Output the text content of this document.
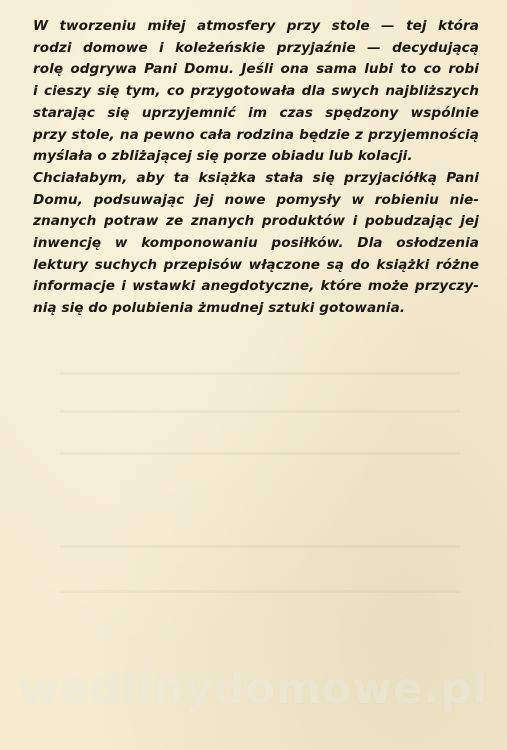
W tworzeniu miłej atmosfery przy stole — tej która
rodzi domowe i koleżeńskie przyjaźnie — decydującą
rolę odgrywa Pani Domu. Jeśli ona sama lubi to co robi
i cieszy się tym, co przygotowała dla swych najbliższych
starając się uprzyjemnić im czas spędzony wspólnie
przy stole, na pewno cała rodzina będzie z przyjemnością
myślała o zbliżającej się porze obiadu lub kolacji.
Chciałabym, aby ta książka stała się przyjaciółką Pani
Domu, podsuwając jej nowe pomysły w robieniu nie-
znanych potraw ze znanych produktów i pobudzając jej
inwencję w komponowaniu posiłków. Dla osłodzenia
lektury suchych przepisów włączone są do książki różne
informacje i wstawki anegdotyczne, które może przyczy-
nią się do polubienia żmudnej sztuki gotowania.
wedlinydomowe.pl
